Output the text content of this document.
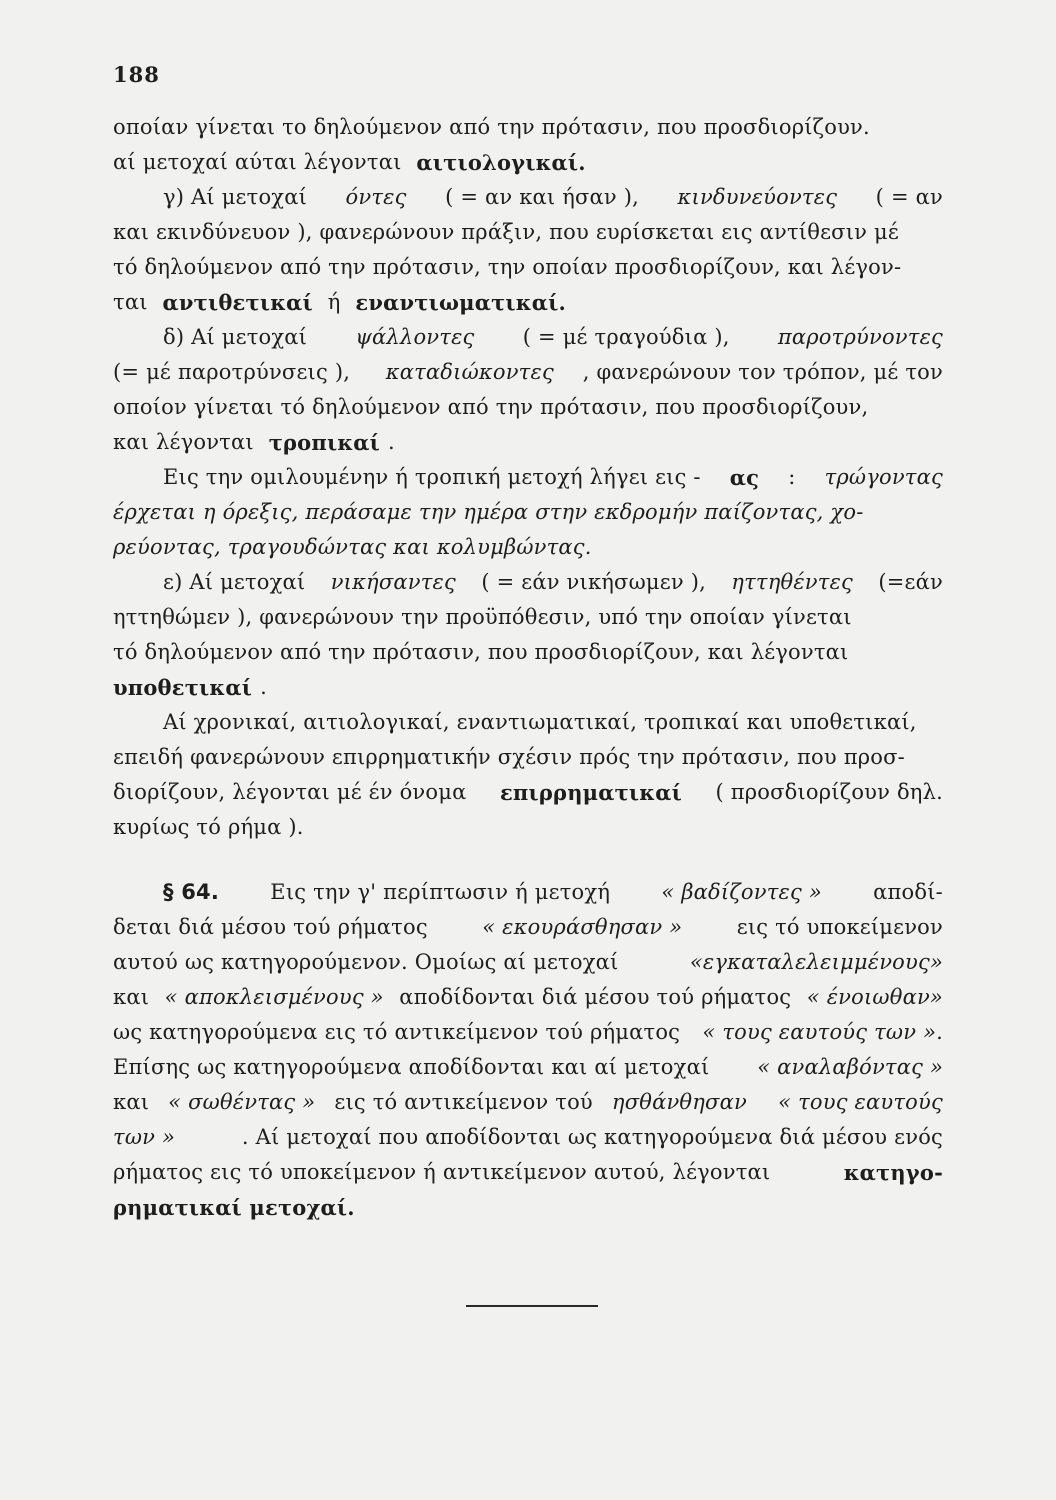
188
οποίαν γίνεται το δηλούμενον από την πρότασιν, που προσδιορίζουν.
αί μετοχαί αύται λέγονται αιτιολογικαί.
γ) Αί μετοχαί όντες ( = αν και ήσαν ), κινδυνεύοντες ( = αν
και εκινδύνευον ), φανερώνουν πράξιν, που ευρίσκεται εις αντίθεσιν μέ
τό δηλούμενον από την πρότασιν, την οποίαν προσδιορίζουν, και λέγον-
ται αντιθετικαί ή εναντιωματικαί.
δ) Αί μετοχαί ψάλλοντες ( = μέ τραγούδια ), παροτρύνοντες
(= μέ παροτρύνσεις ), καταδιώκοντες , φανερώνουν τον τρόπον, μέ τον
οποίον γίνεται τό δηλούμενον από την πρότασιν, που προσδιορίζουν,
και λέγονται τροπικαί .
Εις την ομιλουμένην ή τροπική μετοχή λήγει εις - ας : τρώγοντας
έρχεται η όρεξις, περάσαμε την ημέρα στην εκδρομήν παίζοντας, χο-
ρεύοντας, τραγουδώντας και κολυμβώντας.
ε) Αί μετοχαί νικήσαντες ( = εάν νικήσωμεν ), ηττηθέντες (=εάν
ηττηθώμεν ), φανερώνουν την προϋπόθεσιν, υπό την οποίαν γίνεται
τό δηλούμενον από την πρότασιν, που προσδιορίζουν, και λέγονται
υποθετικαί .
Αί χρονικαί, αιτιολογικαί, εναντιωματικαί, τροπικαί και υποθετικαί,
επειδή φανερώνουν επιρρηματικήν σχέσιν πρός την πρότασιν, που προσ-
διορίζουν, λέγονται μέ έν όνομα επιρρηματικαί ( προσδιορίζουν δηλ.
κυρίως τό ρήμα ).
§ 64. Εις την γ' περίπτωσιν ή μετοχή « βαδίζοντες » αποδί-
δεται διά μέσου τού ρήματος « εκουράσθησαν » εις τό υποκείμενον
αυτού ως κατηγορούμενον. Ομοίως αί μετοχαί	«εγκαταλελειμμένους»
και « αποκλεισμένους » αποδίδονται διά μέσου τού ρήματος « ένοιωθαν»
ως κατηγορούμενα εις τό αντικείμενον τού ρήματος « τους εαυτούς των ».
Επίσης ως κατηγορούμενα αποδίδονται και αί μετοχαί « αναλαβόντας »
και « σωθέντας » εις τό αντικείμενον τού ησθάνθησαν
« τους εαυτούς
των »	. Αί μετοχαί που αποδίδονται ως κατηγορούμενα διά μέσου ενός
ρήματος εις τό υποκείμενον ή αντικείμενον αυτού, λέγονται	κατηγο-
ρηματικαί μετοχαί.
